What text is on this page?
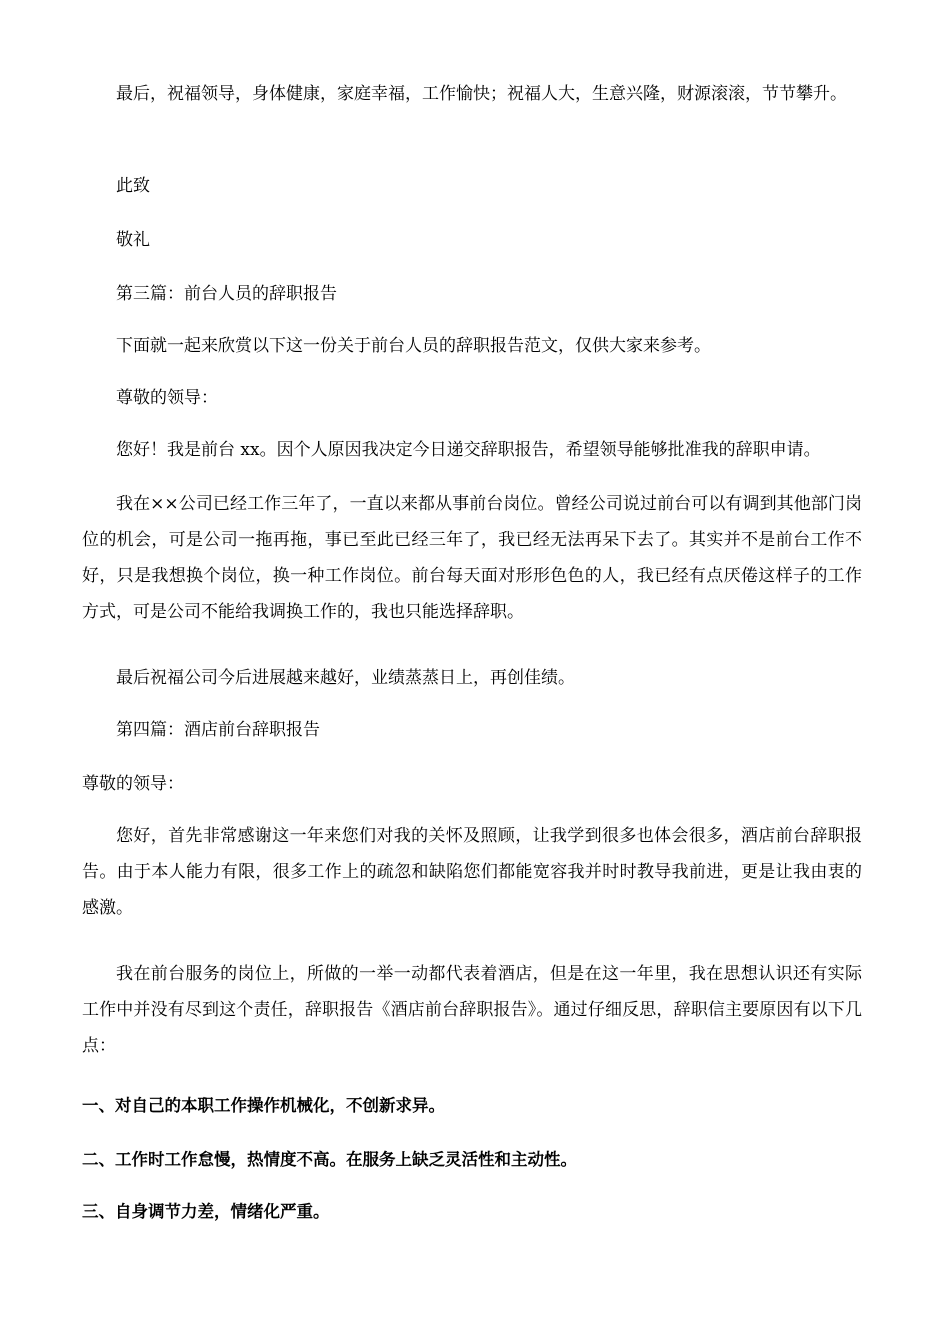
最后，祝福领导，身体健康，家庭幸福，工作愉快；祝福人大，生意兴隆，财源滚滚，节节攀升。

此致

敬礼

第三篇：前台人员的辞职报告

下面就一起来欣赏以下这一份关于前台人员的辞职报告范文，仅供大家来参考。

尊敬的领导：

您好！我是前台 xx。因个人原因我决定今日递交辞职报告，希望领导能够批准我的辞职申请。

我在××公司已经工作三年了，一直以来都从事前台岗位。曾经公司说过前台可以有调到其他部门岗位的机会，可是公司一拖再拖，事已至此已经三年了，我已经无法再呆下去了。其实并不是前台工作不好，只是我想换个岗位，换一种工作岗位。前台每天面对形形色色的人，我已经有点厌倦这样子的工作方式，可是公司不能给我调换工作的，我也只能选择辞职。

最后祝福公司今后进展越来越好，业绩蒸蒸日上，再创佳绩。

第四篇：酒店前台辞职报告

尊敬的领导：

您好，首先非常感谢这一年来您们对我的关怀及照顾，让我学到很多也体会很多，酒店前台辞职报告。由于本人能力有限，很多工作上的疏忽和缺陷您们都能宽容我并时时教导我前进，更是让我由衷的感激。

我在前台服务的岗位上，所做的一举一动都代表着酒店，但是在这一年里，我在思想认识还有实际工作中并没有尽到这个责任，辞职报告《酒店前台辞职报告》。通过仔细反思，辞职信主要原因有以下几点：

一、对自己的本职工作操作机械化，不创新求异。

二、工作时工作怠慢，热情度不高。在服务上缺乏灵活性和主动性。

三、自身调节力差，情绪化严重。
